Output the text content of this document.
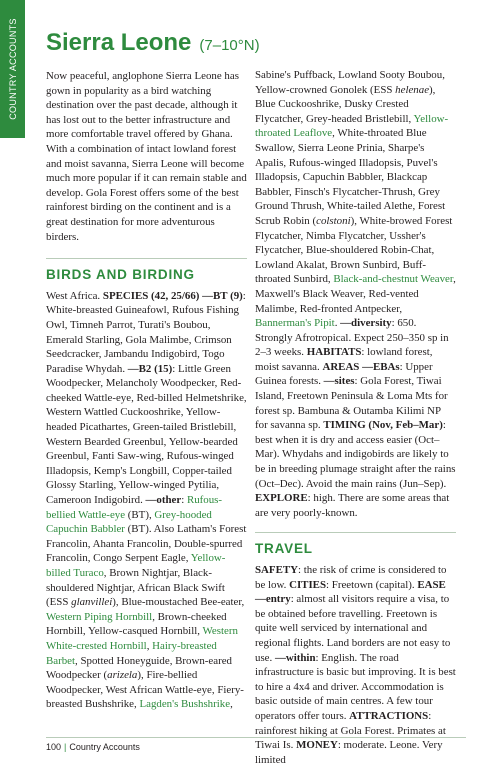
COUNTRY ACCOUNTS Sierra Leone (7–10°N)

Now peaceful, anglophone Sierra Leone has gown in popularity as a bird watching destination over the past decade, although it has lost out to the better infrastructure and more comfortable travel offered by Ghana. With a combination of intact lowland forest and moist savanna, Sierra Leone will become much more popular if it can remain stable and develop. Gola Forest offers some of the best rainforest birding on the continent and is a great destination for more adventurous birders.

BIRDS AND BIRDING

West Africa. SPECIES (42, 25/66) —BT (9): White-breasted Guineafowl, Rufous Fishing Owl, Timneh Parrot, Turati's Boubou, Emerald Starling, Gola Malimbe, Crimson Seedcracker, Jambandu Indigobird, Togo Paradise Whydah. —B2 (15): Little Green Woodpecker, Melancholy Woodpecker, Red-cheeked Wattle-eye, Red-billed Helmetshrike, Western Wattled Cuckooshrike, Yellow-headed Picathartes, Green-tailed Bristlebill, Western Bearded Greenbul, Yellow-bearded Greenbul, Fanti Saw-wing, Rufous-winged Illadopsis, Kemp's Longbill, Copper-tailed Glossy Starling, Yellow-winged Pytilia, Cameroon Indigobird. —other: Rufous-bellied Wattle-eye (BT), Grey-hooded Capuchin Babbler (BT). Also Latham's Forest Francolin, Ahanta Francolin, Double-spurred Francolin, Congo Serpent Eagle, Yellow-billed Turaco, Brown Nightjar, Black-shouldered Nightjar, African Black Swift (ESS glanvillei), Blue-moustached Bee-eater, Western Piping Hornbill, Brown-cheeked Hornbill, Yellow-casqued Hornbill, Western White-crested Hornbill, Hairy-breasted Barbet, Spotted Honeyguide, Brown-eared Woodpecker (arizela), Fire-bellied Woodpecker, West African Wattle-eye, Fiery-breasted Bushshrike, Lagden's Bushshrike,

Sabine's Puffback, Lowland Sooty Boubou, Yellow-crowned Gonolek (ESS helenae), Blue Cuckooshrike, Dusky Crested Flycatcher, Grey-headed Bristlebill, Yellow-throated Leaflove, White-throated Blue Swallow, Sierra Leone Prinia, Sharpe's Apalis, Rufous-winged Illadopsis, Puvel's Illadopsis, Capuchin Babbler, Blackcap Babbler, Finsch's Flycatcher-Thrush, Grey Ground Thrush, White-tailed Alethe, Forest Scrub Robin (colstoni), White-browed Forest Flycatcher, Nimba Flycatcher, Ussher's Flycatcher, Blue-shouldered Robin-Chat, Lowland Akalat, Brown Sunbird, Buff-throated Sunbird, Black-and-chestnut Weaver, Maxwell's Black Weaver, Red-vented Malimbe, Red-fronted Antpecker, Bannerman's Pipit. —diversity: 650. Strongly Afrotropical. Expect 250–350 sp in 2–3 weeks. HABITATS: lowland forest, moist savanna. AREAS —EBAs: Upper Guinea forests. —sites: Gola Forest, Tiwai Island, Freetown Peninsula & Loma Mts for forest sp. Bambuna & Outamba Kilimi NP for savanna sp. TIMING (Nov, Feb–Mar): best when it is dry and access easier (Oct–Mar). Whydahs and indigobirds are likely to be in breeding plumage straight after the rains (Oct–Dec). Avoid the main rains (Jun–Sep). EXPLORE: high. There are some areas that are very poorly-known.

TRAVEL

SAFETY: the risk of crime is considered to be low. CITIES: Freetown (capital). EASE —entry: almost all visitors require a visa, to be obtained before travelling. Freetown is quite well serviced by international and regional flights. Land borders are not easy to use. —within: English. The road infrastructure is basic but improving. It is best to hire a 4x4 and driver. Accommodation is basic outside of main centres. A few tour operators offer tours. ATTRACTIONS: rainforest hiking at Gola Forest. Primates at Tiwai Is. MONEY: moderate. Leone. Very limited

100 | Country Accounts
